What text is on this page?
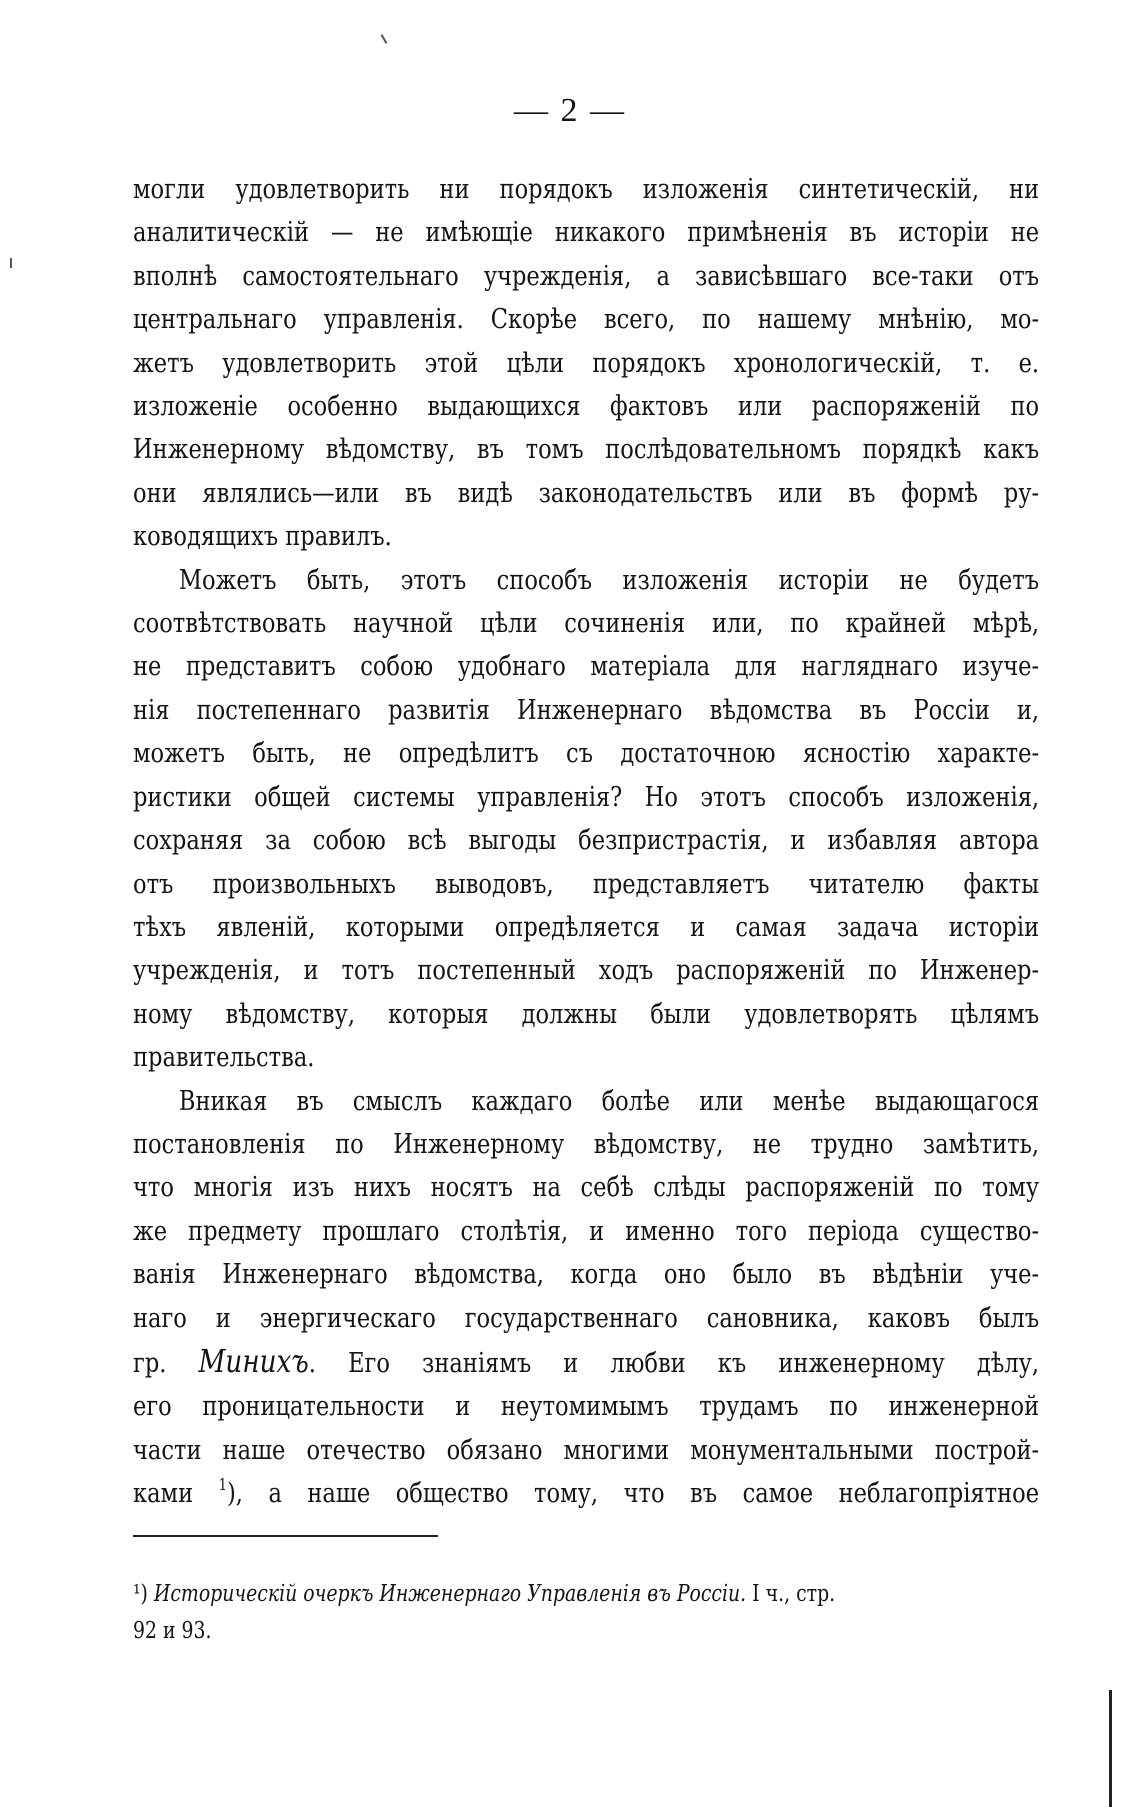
— 2 —
могли удовлетворить ни порядокъ изложенія синтетическій, ни
аналитическій — не имѣющіе никакого примѣненія въ исторіи не
вполнѣ самостоятельнаго учрежденія, а зависѣвшаго все-таки отъ
центральнаго управленія. Скорѣе всего, по нашему мнѣнію, мо-
жетъ удовлетворить этой цѣли порядокъ хронологическій, т. е.
изложеніе особенно выдающихся фактовъ или распоряженій по
Инженерному вѣдомству, въ томъ послѣдовательномъ порядкѣ какъ
они являлись—или въ видѣ законодательствъ или въ формѣ ру-
ководящихъ правилъ.
Можетъ быть, этотъ способъ изложенія исторіи не будетъ
соотвѣтствовать научной цѣли сочиненія или, по крайней мѣрѣ,
не представитъ собою удобнаго матеріала для нагляднаго изуче-
нія постепеннаго развитія Инженернаго вѣдомства въ Россіи и,
можетъ быть, не опредѣлитъ съ достаточною ясностію характе-
ристики общей системы управленія? Но этотъ способъ изложенія,
сохраняя за собою всѣ выгоды безпристрастія, и избавляя автора
отъ произвольныхъ выводовъ, представляетъ читателю факты
тѣхъ явленій, которыми опредѣляется и самая задача исторіи
учрежденія, и тотъ постепенный ходъ распоряженій по Инженер-
ному вѣдомству, которыя должны были удовлетворять цѣлямъ
правительства.
Вникая въ смыслъ каждаго болѣе или менѣе выдающагося
постановленія по Инженерному вѣдомству, не трудно замѣтить,
что многія изъ нихъ носятъ на себѣ слѣды распоряженій по тому
же предмету прошлаго столѣтія, и именно того періода существо-
ванія Инженернаго вѣдомства, когда оно было въ вѣдѣніи уче-
наго и энергическаго государственнаго сановника, каковъ былъ
гр. Минихъ. Его знаніямъ и любви къ инженерному дѣлу,
его проницательности и неутомимымъ трудамъ по инженерной
части наше отечество обязано многими монументальными построй-
ками $^1$), а наше общество тому, что въ самое неблагопріятное
¹) Историческій очеркъ Инженернаго Управленія въ Россіи. I ч., стр.
92 и 93.
